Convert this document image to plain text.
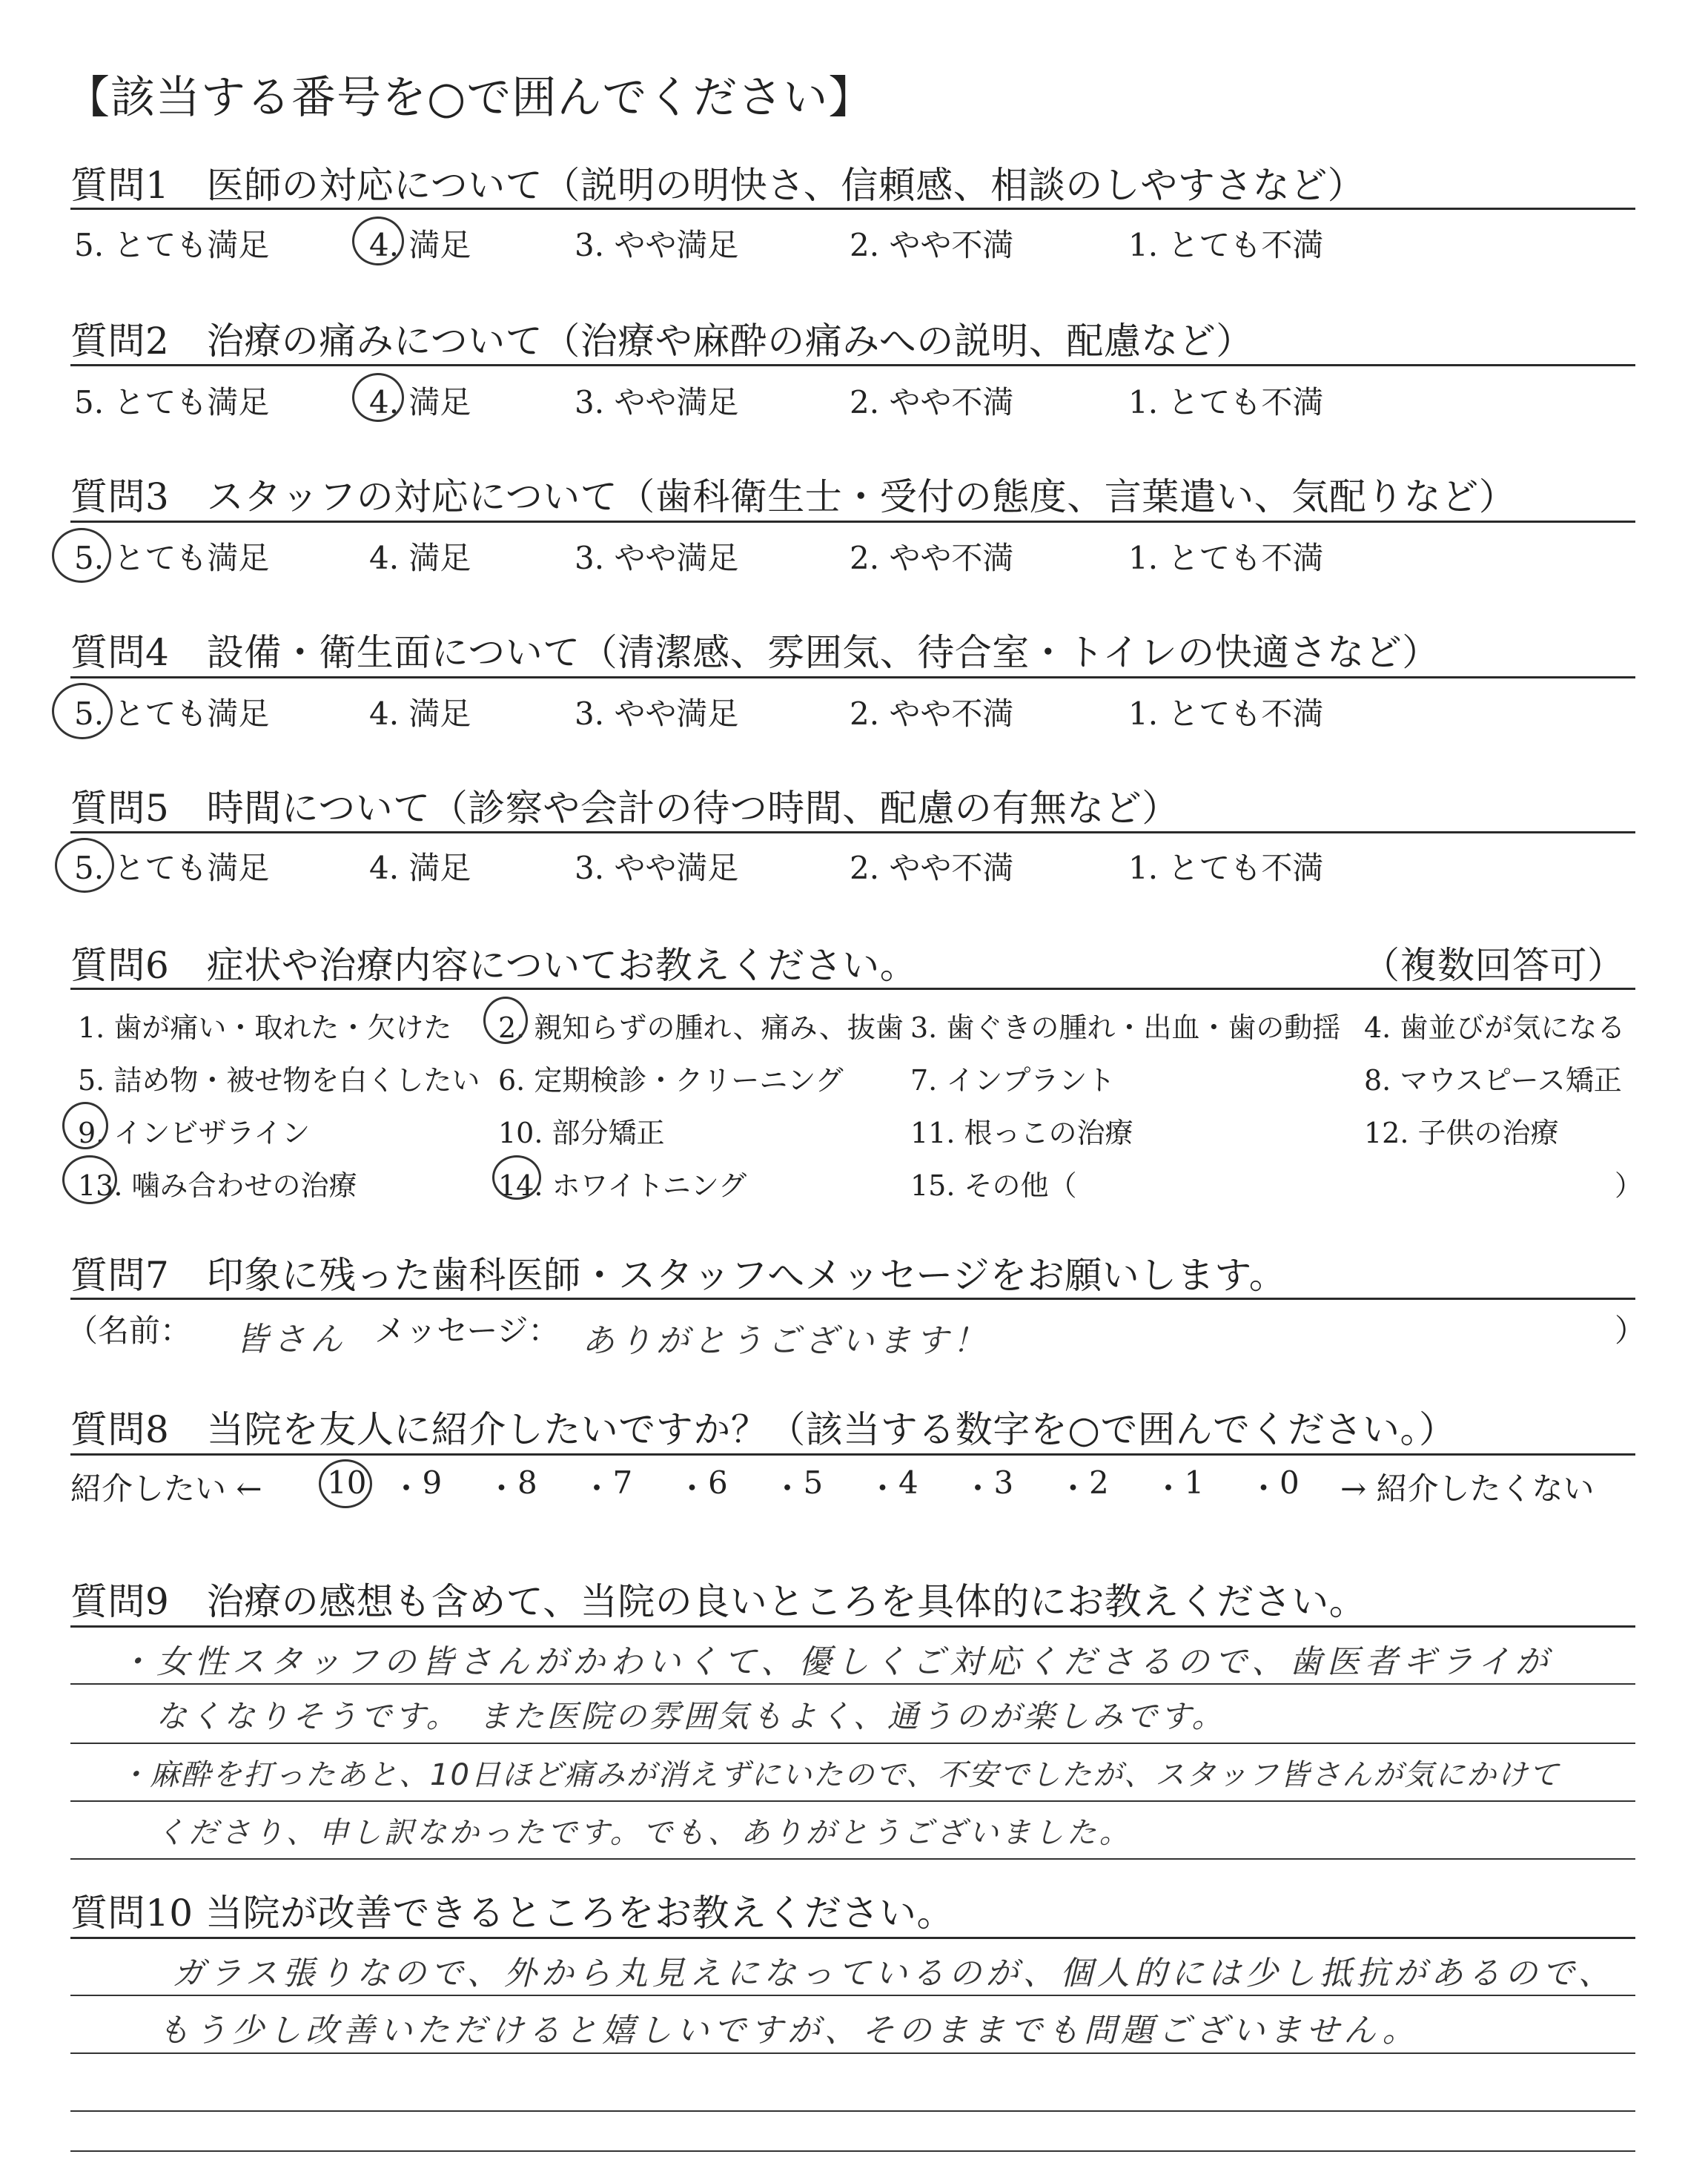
【該当する番号を○で囲んでください】
質問1　医師の対応について（説明の明快さ、信頼感、相談のしやすさなど）
5. とても満足	4. 満足	3. やや満足	2. やや不満	1. とても不満
質問2　治療の痛みについて（治療や麻酔の痛みへの説明、配慮など）
5. とても満足	4. 満足	3. やや満足	2. やや不満	1. とても不満
質問3　スタッフの対応について（歯科衛生士・受付の態度、言葉遣い、気配りなど）
5. とても満足	4. 満足	3. やや満足	2. やや不満	1. とても不満
質問4　設備・衛生面について（清潔感、雰囲気、待合室・トイレの快適さなど）
5. とても満足	4. 満足	3. やや満足	2. やや不満	1. とても不満
質問5　時間について（診察や会計の待つ時間、配慮の有無など）
5. とても満足	4. 満足	3. やや満足	2. やや不満	1. とても不満
質問6　症状や治療内容についてお教えください。	（複数回答可）
1. 歯が痛い・取れた・欠けた 2. 親知らずの腫れ、痛み、抜歯 3. 歯ぐきの腫れ・出血・歯の動揺 4. 歯並びが気になる
5. 詰め物・被せ物を白くしたい 6. 定期検診・クリーニング 7. インプラント	8. マウスピース矯正
9. インビザライン	10. 部分矯正	11. 根っこの治療	12. 子供の治療
13. 噛み合わせの治療	14. ホワイトニング	15. その他（	）
質問7　印象に残った歯科医師・スタッフへメッセージをお願いします。
（名前： 皆さん メッセージ： ありがとうございます！	）
質問8　当院を友人に紹介したいですか？（該当する数字を○で囲んでください。）
紹介したい ← 10 ・ 9 ・ 8 ・ 7 ・ 6 ・ 5 ・ 4 ・ 3 ・ 2 ・ 1 ・ 0 → 紹介したくない
質問9　治療の感想も含めて、当院の良いところを具体的にお教えください。
・女性スタッフの皆さんがかわいくて、優しくご対応くださるので、歯医者ギライが
なくなりそうです。　また医院の雰囲気もよく、通うのが楽しみです。
・麻酔を打ったあと、10日ほど痛みが消えずにいたので、不安でしたが、スタッフ皆さんが気にかけて
くださり、申し訳なかったです。でも、ありがとうございました。
質問10 当院が改善できるところをお教えください。
ガラス張りなので、外から丸見えになっているのが、個人的には少し抵抗があるので、
もう少し改善いただけると嬉しいですが、そのままでも問題ございません。
